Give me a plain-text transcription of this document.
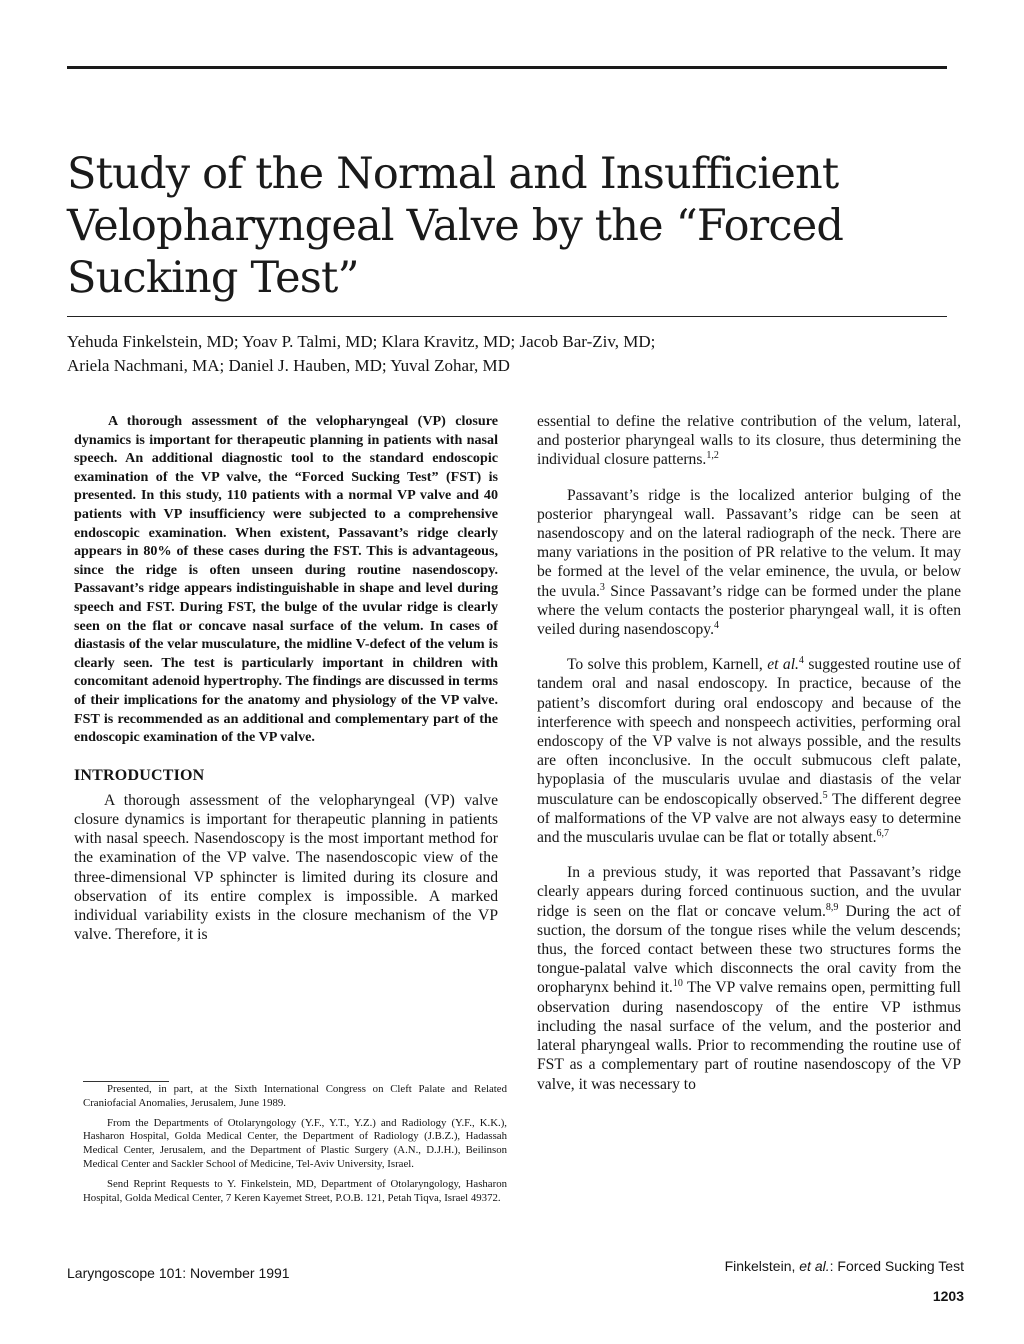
Study of the Normal and Insufficient
Velopharyngeal Valve by the “Forced
Sucking Test”
Yehuda Finkelstein, MD; Yoav P. Talmi, MD; Klara Kravitz, MD; Jacob Bar-Ziv, MD;
Ariela Nachmani, MA; Daniel J. Hauben, MD; Yuval Zohar, MD

A thorough assessment of the velopharyngeal (VP) closure dynamics is important for therapeutic planning in patients with nasal speech. An additional diagnostic tool to the standard endoscopic examination of the VP valve, the “Forced Sucking Test” (FST) is presented. In this study, 110 patients with a normal VP valve and 40 patients with VP insufficiency were subjected to a comprehensive endoscopic examination. When existent, Passavant’s ridge clearly appears in 80% of these cases during the FST. This is advantageous, since the ridge is often unseen during routine nasendoscopy. Passavant’s ridge appears indistinguishable in shape and level during speech and FST. During FST, the bulge of the uvular ridge is clearly seen on the flat or concave nasal surface of the velum. In cases of diastasis of the velar musculature, the midline V-defect of the velum is clearly seen. The test is particularly important in children with concomitant adenoid hypertrophy. The findings are discussed in terms of their implications for the anatomy and physiology of the VP valve. FST is recommended as an additional and complementary part of the endoscopic examination of the VP valve.

INTRODUCTION

A thorough assessment of the velopharyngeal (VP) valve closure dynamics is important for therapeutic planning in patients with nasal speech. Nasendoscopy is the most important method for the examination of the VP valve. The nasendoscopic view of the three-dimensional VP sphincter is limited during its closure and observation of its entire complex is impossible. A marked individual variability exists in the closure mechanism of the VP valve. Therefore, it is

essential to define the relative contribution of the velum, lateral, and posterior pharyngeal walls to its closure, thus determining the individual closure patterns.$^{1,2}$

Passavant’s ridge is the localized anterior bulging of the posterior pharyngeal wall. Passavant’s ridge can be seen at nasendoscopy and on the lateral radiograph of the neck. There are many variations in the position of PR relative to the velum. It may be formed at the level of the velar eminence, the uvula, or below the uvula.$^3$ Since Passavant’s ridge can be formed under the plane where the velum contacts the posterior pharyngeal wall, it is often veiled during nasendoscopy.$^4$

To solve this problem, Karnell, et al.$^4$ suggested routine use of tandem oral and nasal endoscopy. In practice, because of the patient’s discomfort during oral endoscopy and because of the interference with speech and nonspeech activities, performing oral endoscopy of the VP valve is not always possible, and the results are often inconclusive. In the occult submucous cleft palate, hypoplasia of the muscularis uvulae and diastasis of the velar musculature can be endoscopically observed.$^5$ The different degree of malformations of the VP valve are not always easy to determine and the muscularis uvulae can be flat or totally absent.$^{6,7}$

In a previous study, it was reported that Passavant’s ridge clearly appears during forced continuous suction, and the uvular ridge is seen on the flat or concave velum.$^{8,9}$ During the act of suction, the dorsum of the tongue rises while the velum descends; thus, the forced contact between these two structures forms the tongue-palatal valve which disconnects the oral cavity from the oropharynx behind it.$^{10}$ The VP valve remains open, permitting full observation during nasendoscopy of the entire VP isthmus including the nasal surface of the velum, and the posterior and lateral pharyngeal walls. Prior to recommending the routine use of FST as a complementary part of routine nasendoscopy of the VP valve, it was necessary to

Presented, in part, at the Sixth International Congress on Cleft Palate and Related Craniofacial Anomalies, Jerusalem, June 1989.

From the Departments of Otolaryngology (Y.F., Y.T., Y.Z.) and Radiology (Y.F., K.K.), Hasharon Hospital, Golda Medical Center, the Department of Radiology (J.B.Z.), Hadassah Medical Center, Jerusalem, and the Department of Plastic Surgery (A.N., D.J.H.), Beilinson Medical Center and Sackler School of Medicine, Tel-Aviv University, Israel.

Send Reprint Requests to Y. Finkelstein, MD, Department of Otolaryngology, Hasharon Hospital, Golda Medical Center, 7 Keren Kayemet Street, P.O.B. 121, Petah Tiqva, Israel 49372.

Laryngoscope 101: November 1991	Finkelstein, et al.: Forced Sucking Test
1203
